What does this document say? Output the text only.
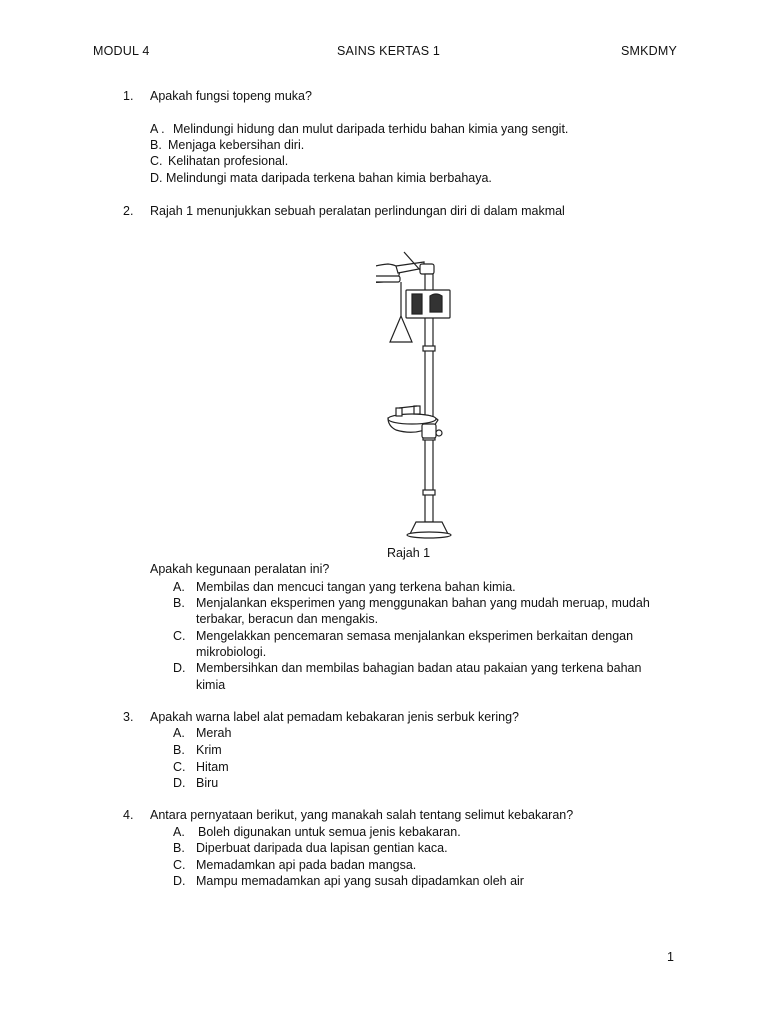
MODUL 4	SAINS KERTAS 1	SMKDMY
1. Apakah fungsi topeng muka?
A . Melindungi hidung dan mulut daripada terhidu bahan kimia yang sengit.
B. Menjaga kebersihan diri.
C. Kelihatan profesional.
D. Melindungi mata daripada terkena bahan kimia berbahaya.
2. Rajah 1 menunjukkan sebuah peralatan perlindungan diri di dalam makmal
Rajah 1
Apakah kegunaan peralatan ini?
A. Membilas dan mencuci tangan yang terkena bahan kimia.
B. Menjalankan eksperimen yang menggunakan bahan yang mudah meruap, mudah
terbakar, beracun dan mengakis.
C. Mengelakkan pencemaran semasa menjalankan eksperimen berkaitan dengan
mikrobiologi.
D. Membersihkan dan membilas bahagian badan atau pakaian yang terkena bahan
kimia
3. Apakah warna label alat pemadam kebakaran jenis serbuk kering?
A. Merah
B. Krim
C. Hitam
D. Biru
4. Antara pernyataan berikut, yang manakah salah tentang selimut kebakaran?
A. Boleh digunakan untuk semua jenis kebakaran.
B. Diperbuat daripada dua lapisan gentian kaca.
C. Memadamkan api pada badan mangsa.
D. Mampu memadamkan api yang susah dipadamkan oleh air
1
